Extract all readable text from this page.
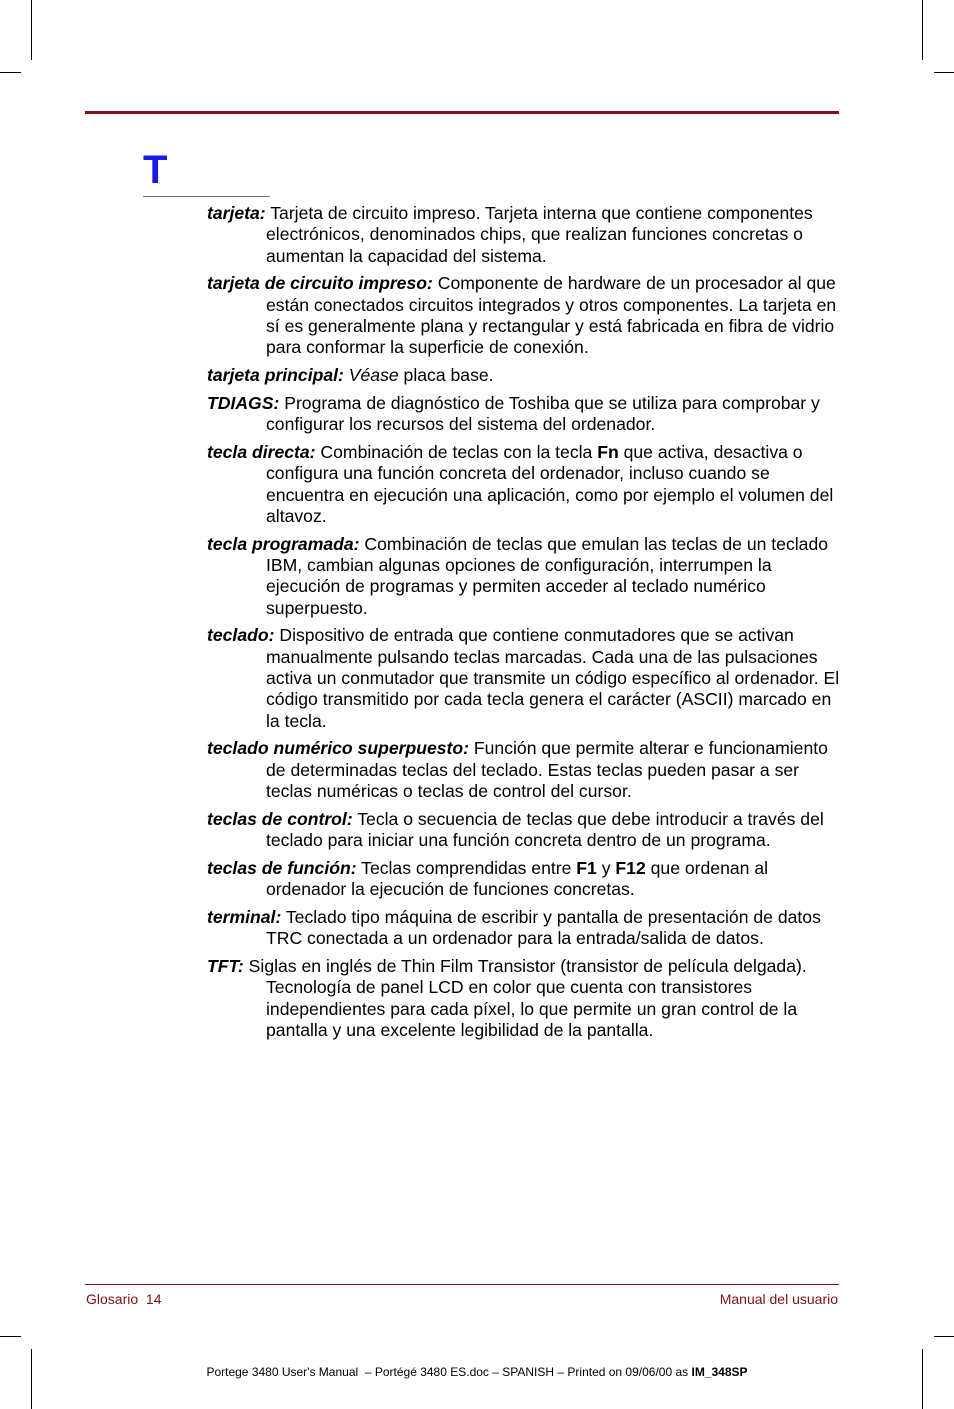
T

tarjeta: Tarjeta de circuito impreso. Tarjeta interna que contiene componentes electrónicos, denominados chips, que realizan funciones concretas o aumentan la capacidad del sistema.

tarjeta de circuito impreso: Componente de hardware de un procesador al que están conectados circuitos integrados y otros componentes. La tarjeta en sí es generalmente plana y rectangular y está fabricada en fibra de vidrio para conformar la superficie de conexión.

tarjeta principal: Véase placa base.

TDIAGS: Programa de diagnóstico de Toshiba que se utiliza para comprobar y configurar los recursos del sistema del ordenador.

tecla directa: Combinación de teclas con la tecla Fn que activa, desactiva o configura una función concreta del ordenador, incluso cuando se encuentra en ejecución una aplicación, como por ejemplo el volumen del altavoz.

tecla programada: Combinación de teclas que emulan las teclas de un teclado IBM, cambian algunas opciones de configuración, interrumpen la ejecución de programas y permiten acceder al teclado numérico superpuesto.

teclado: Dispositivo de entrada que contiene conmutadores que se activan manualmente pulsando teclas marcadas. Cada una de las pulsaciones activa un conmutador que transmite un código específico al ordenador. El código transmitido por cada tecla genera el carácter (ASCII) marcado en la tecla.

teclado numérico superpuesto: Función que permite alterar e funcionamiento de determinadas teclas del teclado. Estas teclas pueden pasar a ser teclas numéricas o teclas de control del cursor.

teclas de control: Tecla o secuencia de teclas que debe introducir a través del teclado para iniciar una función concreta dentro de un programa.

teclas de función: Teclas comprendidas entre F1 y F12 que ordenan al ordenador la ejecución de funciones concretas.

terminal: Teclado tipo máquina de escribir y pantalla de presentación de datos TRC conectada a un ordenador para la entrada/salida de datos.

TFT: Siglas en inglés de Thin Film Transistor (transistor de película delgada). Tecnología de panel LCD en color que cuenta con transistores independientes para cada píxel, lo que permite un gran control de la pantalla y una excelente legibilidad de la pantalla.

Glosario  14	Manual del usuario
Portege 3480 User's Manual  – Portégé 3480 ES.doc – SPANISH – Printed on 09/06/00 as IM_348SP
